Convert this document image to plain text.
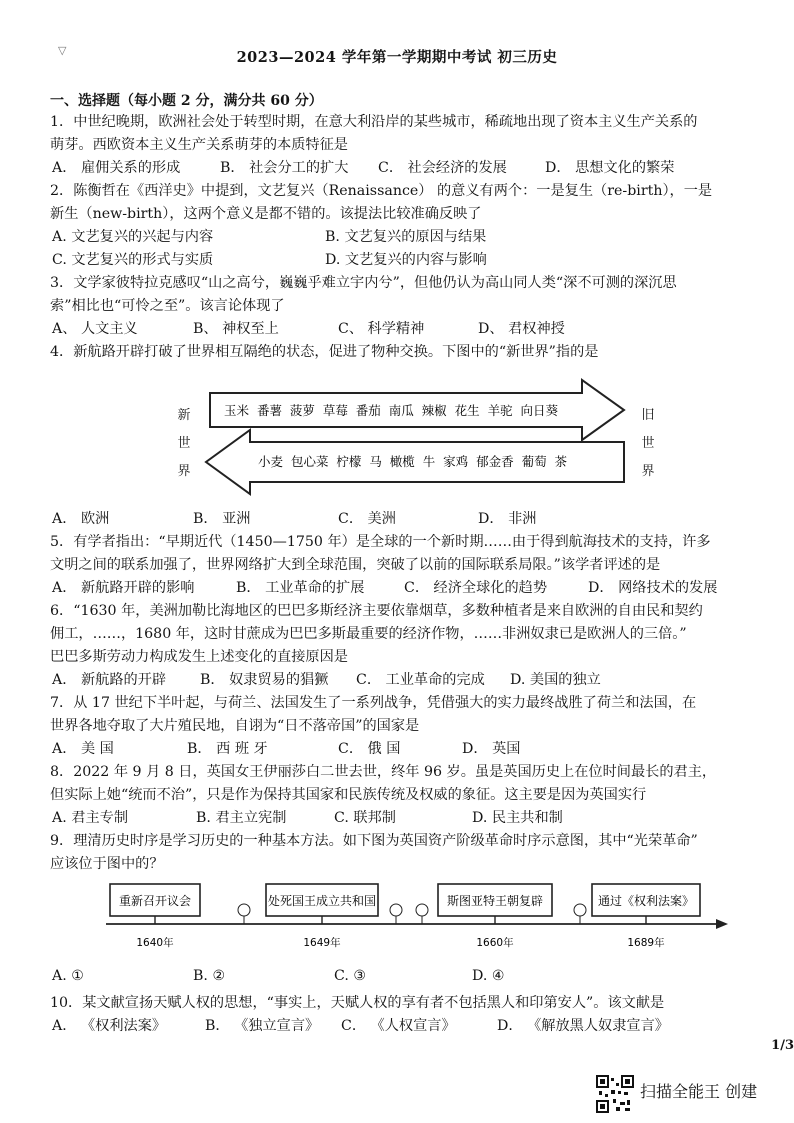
▽	2023—2024 学年第一学期期中考试 初三历史
一、选择题（每小题 2 分，满分共 60 分）
1．中世纪晚期，欧洲社会处于转型时期，在意大利沿岸的某些城市，稀疏地出现了资本主义生产关系的
萌芽。西欧资本主义生产关系萌芽的本质特征是
2．陈衡哲在《西洋史》中提到，文艺复兴（Renaissance） 的意义有两个：一是复生（re-birth），一是
新生（new-birth），这两个意义是都不错的。该提法比较准确反映了
3．文学家彼特拉克感叹“山之高兮，巍巍乎难立宇内兮”，但他仍认为高山同人类“深不可测的深沉思
索”相比也“可怜之至”。该言论体现了
4．新航路开辟打破了世界相互隔绝的状态，促进了物种交换。下图中的“新世界”指的是
5．有学者指出：“早期近代（1450—1750 年）是全球的一个新时期……由于得到航海技术的支持，许多
文明之间的联系加强了，世界网络扩大到全球范围，突破了以前的国际联系局限。”该学者评述的是
6．“1630 年，美洲加勒比海地区的巴巴多斯经济主要依靠烟草，多数种植者是来自欧洲的自由民和契约
佣工，……，1680 年，这时甘蔗成为巴巴多斯最重要的经济作物，……非洲奴隶已是欧洲人的三倍。”
巴巴多斯劳动力构成发生上述变化的直接原因是
7．从 17 世纪下半叶起，与荷兰、法国发生了一系列战争，凭借强大的实力最终战胜了荷兰和法国，在
世界各地夺取了大片殖民地，自诩为“日不落帝国”的国家是
8．2022 年 9 月 8 日，英国女王伊丽莎白二世去世，终年 96 岁。虽是英国历史上在位时间最长的君主，
但实际上她“统而不治”，只是作为保持其国家和民族传统及权威的象征。这主要是因为英国实行
9．理清历史时序是学习历史的一种基本方法。如下图为英国资产阶级革命时序示意图，其中“光荣革命”
应该位于图中的？
10．某文献宣扬天赋人权的思想，“事实上，天赋人权的享有者不包括黑人和印第安人”。该文献是
A． 雇佣关系的形成	B． 社会分工的扩大 C． 社会经济的发展	D． 思想文化的繁荣
A. 文艺复兴的兴起与内容	B. 文艺复兴的原因与结果
C. 文艺复兴的形式与实质	D. 文艺复兴的内容与影响
A、 人文主义	B、 神权至上	C、 科学精神	D、 君权神授
A． 欧洲	B． 亚洲	C． 美洲	D． 非洲
A． 新航路开辟的影响	B． 工业革命的扩展	C． 经济全球化的趋势	D． 网络技术的发展
A． 新航路的开辟 B． 奴隶贸易的猖獗 C． 工业革命的完成 D. 美国的独立
A． 美 国	B． 西 班 牙	C． 俄 国	D． 英国
A. 君主专制	B. 君主立宪制	C. 联邦制	D. 民主共和制
A. ①	B. ②	C. ③	D. ④
A． 《权利法案》	B． 《独立宣言》 C． 《人权宣言》	D． 《解放黑人奴隶宣言》
新
世
界
旧
世
界
玉米  番薯  菠萝  草莓  番茄  南瓜  辣椒  花生  羊驼  向日葵
小麦  包心菜  柠檬  马  橄榄  牛  家鸡  郁金香  葡萄  茶
重新召开议会	处死国王成立共和国	斯图亚特王朝复辟	通过《权利法案》
1640年	1649年	1660年	1689年
1/3
扫描全能王 创建
